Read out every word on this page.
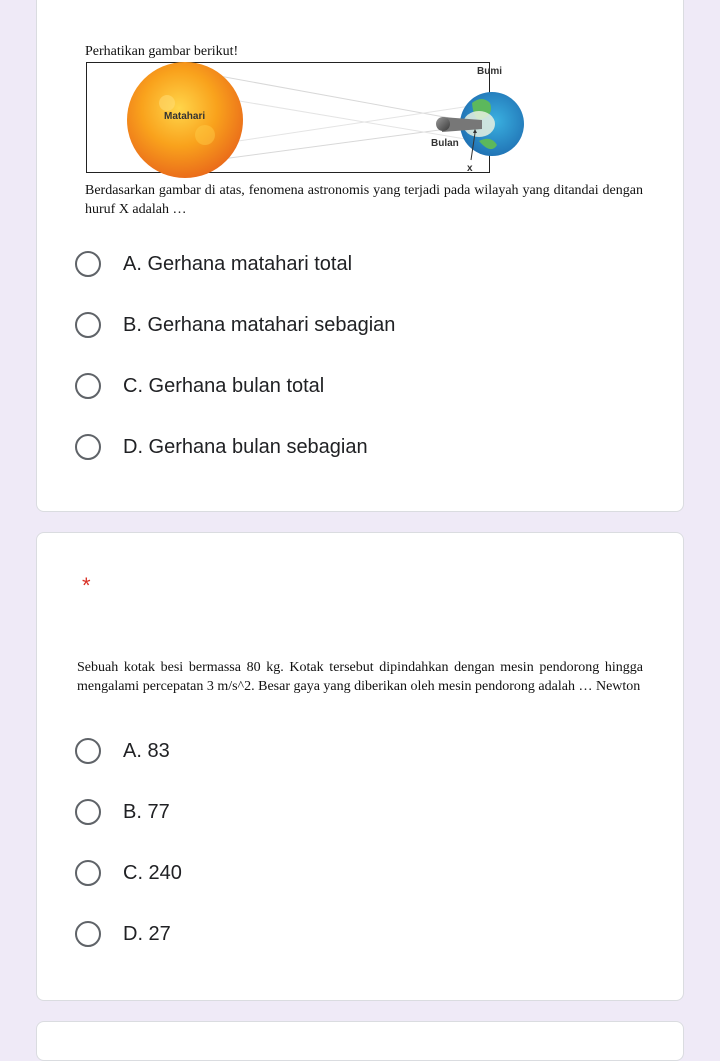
Perhatikan gambar berikut!
Matahari
Bumi
Bulan
x
Berdasarkan gambar di atas, fenomena astronomis yang terjadi pada wilayah yang ditandai dengan huruf X adalah …
A. Gerhana matahari total
B. Gerhana matahari sebagian
C. Gerhana bulan total
D. Gerhana bulan sebagian
*
Sebuah kotak besi bermassa 80 kg. Kotak tersebut dipindahkan dengan mesin pendorong hingga mengalami percepatan 3 m/s^2. Besar gaya yang diberikan oleh mesin pendorong adalah … Newton
A. 83
B. 77
C. 240
D. 27
